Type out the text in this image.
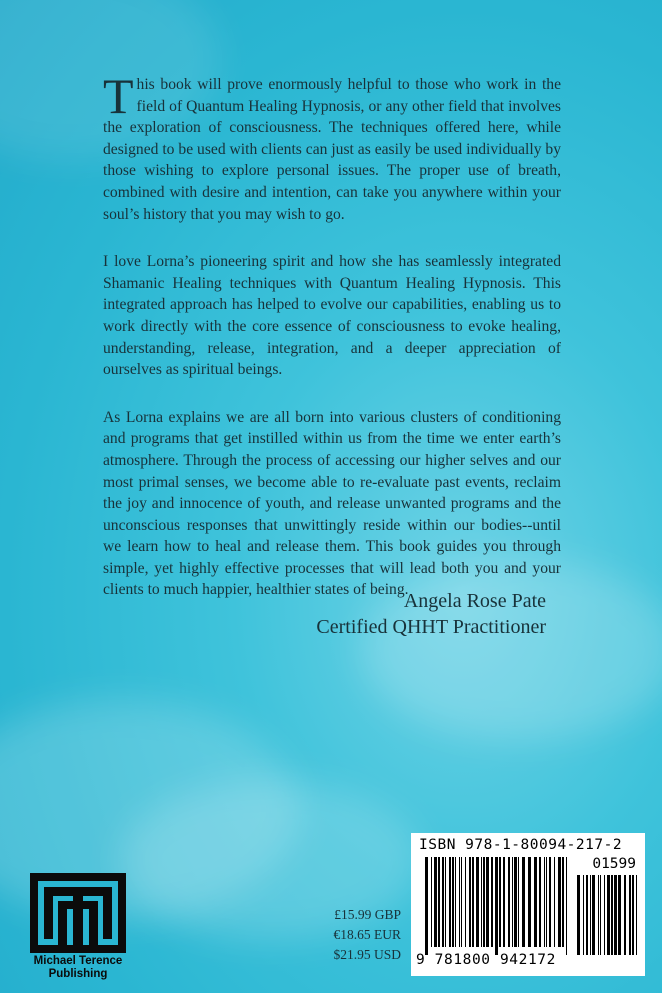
This book will prove enormously helpful to those who work in the field of Quantum Healing Hypnosis, or any other field that involves the exploration of consciousness. The techniques offered here, while designed to be used with clients can just as easily be used individually by those wishing to explore personal issues. The proper use of breath, combined with desire and intention, can take you anywhere within your soul’s history that you may wish to go.

I love Lorna’s pioneering spirit and how she has seamlessly integrated Shamanic Healing techniques with Quantum Healing Hypnosis. This integrated approach has helped to evolve our capabilities, enabling us to work directly with the core essence of consciousness to evoke healing, understanding, release, integration, and a deeper appreciation of ourselves as spiritual beings.

As Lorna explains we are all born into various clusters of conditioning and programs that get instilled within us from the time we enter earth’s atmosphere. Through the process of accessing our higher selves and our most primal senses, we become able to re-evaluate past events, reclaim the joy and innocence of youth, and release unwanted programs and the unconscious responses that unwittingly reside within our bodies--until we learn how to heal and release them. This book guides you through simple, yet highly effective processes that will lead both you and your clients to much happier, healthier states of being.

Angela Rose Pate
Certified QHHT Practitioner
Michael Terence
Publishing
£15.99 GBP
€18.65 EUR
$21.95 USD
ISBN 978-1-80094-217-2
01599
9 781800 942172
